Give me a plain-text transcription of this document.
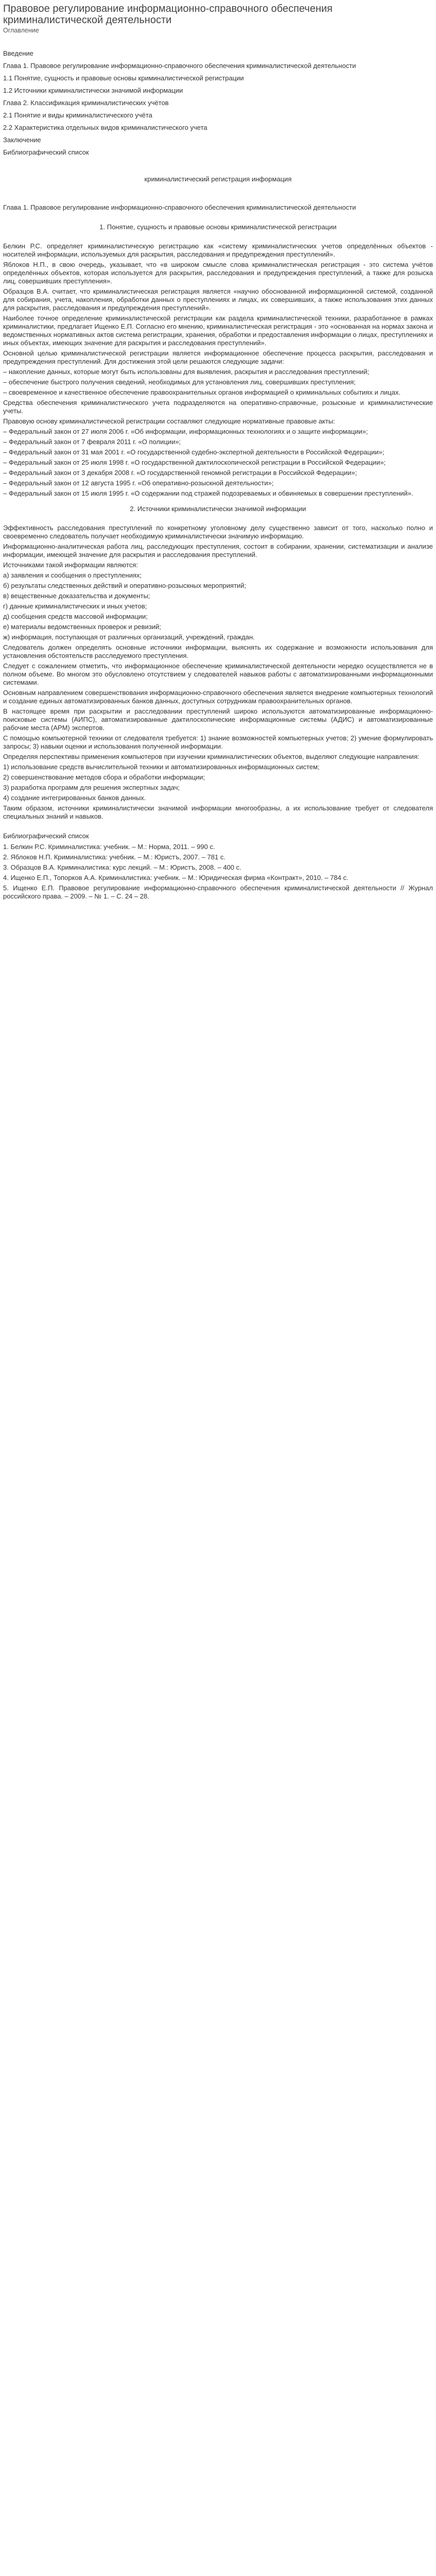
Правовое регулирование информационно-справочного обеспечения криминалистической деятельности
Оглавление
Введение
Глава 1. Правовое регулирование информационно-справочного обеспечения криминалистической деятельности
1.1 Понятие, сущность и правовые основы криминалистической регистрации
1.2 Источники криминалистически значимой информации
Глава 2. Классификация криминалистических учётов
2.1 Понятие и виды криминалистического учёта
2.2 Характеристика отдельных видов криминалистического учета
Заключение
Библиографический список
криминалистический регистрация информация
Глава 1. Правовое регулирование информационно-справочного обеспечения криминалистической деятельности
1. Понятие, сущность и правовые основы криминалистической регистрации

Белкин Р.С. определяет криминалистическую регистрацию как «систему криминалистических учетов определённых объектов - носителей информации, используемых для раскрытия, расследования и предупреждения преступлений».

Яблоков Н.П., в свою очередь, указывает, что «в широком смысле слова криминалистическая регистрация - это система учётов определённых объектов, которая используется для раскрытия, расследования и предупреждения преступлений, а также для розыска лиц, совершивших преступления».

Образцов В.А. считает, что криминалистическая регистрация является «научно обоснованной информационной системой, созданной для собирания, учета, накопления, обработки данных о преступлениях и лицах, их совершивших, а также использования этих данных для раскрытия, расследования и предупреждения преступлений».

Наиболее точное определение криминалистической регистрации как раздела криминалистической техники, разработанное в рамках криминалистики, предлагает Ищенко Е.П. Согласно его мнению, криминалистическая регистрация - это «основанная на нормах закона и ведомственных нормативных актов система регистрации, хранения, обработки и предоставления информации о лицах, преступлениях и иных объектах, имеющих значение для раскрытия и расследования преступлений».

Основной целью криминалистической регистрации является информационное обеспечение процесса раскрытия, расследования и предупреждения преступлений. Для достижения этой цели решаются следующие задачи:

– накопление данных, которые могут быть использованы для выявления, раскрытия и расследования преступлений;

– обеспечение быстрого получения сведений, необходимых для установления лиц, совершивших преступления;

– своевременное и качественное обеспечение правоохранительных органов информацией о криминальных событиях и лицах.

Средства обеспечения криминалистического учета подразделяются на оперативно-справочные, розыскные и криминалистические учеты.

Правовую основу криминалистической регистрации составляют следующие нормативные правовые акты:

– Федеральный закон от 27 июля 2006 г. «Об информации, информационных технологиях и о защите информации»;

– Федеральный закон от 7 февраля 2011 г. «О полиции»;

– Федеральный закон от 31 мая 2001 г. «О государственной судебно-экспертной деятельности в Российской Федерации»;

– Федеральный закон от 25 июля 1998 г. «О государственной дактилоскопической регистрации в Российской Федерации»;

– Федеральный закон от 3 декабря 2008 г. «О государственной геномной регистрации в Российской Федерации»;

– Федеральный закон от 12 августа 1995 г. «Об оперативно-розыскной деятельности»;

– Федеральный закон от 15 июля 1995 г. «О содержании под стражей подозреваемых и обвиняемых в совершении преступлений».

2. Источники криминалистически значимой информации

Эффективность расследования преступлений по конкретному уголовному делу существенно зависит от того, насколько полно и своевременно следователь получает необходимую криминалистически значимую информацию.

Информационно-аналитическая работа лиц, расследующих преступления, состоит в собирании, хранении, систематизации и анализе информации, имеющей значение для раскрытия и расследования преступлений.

Источниками такой информации являются:

а) заявления и сообщения о преступлениях;

б) результаты следственных действий и оперативно-розыскных мероприятий;

в) вещественные доказательства и документы;

г) данные криминалистических и иных учетов;

д) сообщения средств массовой информации;

е) материалы ведомственных проверок и ревизий;

ж) информация, поступающая от различных организаций, учреждений, граждан.

Следователь должен определять основные источники информации, выяснять их содержание и возможности использования для установления обстоятельств расследуемого преступления.

Следует с сожалением отметить, что информационное обеспечение криминалистической деятельности нередко осуществляется не в полном объеме. Во многом это обусловлено отсутствием у следователей навыков работы с автоматизированными информационными системами.

Основным направлением совершенствования информационно-справочного обеспечения является внедрение компьютерных технологий и создание единых автоматизированных банков данных, доступных сотрудникам правоохранительных органов.

В настоящее время при раскрытии и расследовании преступлений широко используются автоматизированные информационно-поисковые системы (АИПС), автоматизированные дактилоскопические информационные системы (АДИС) и автоматизированные рабочие места (АРМ) экспертов.

С помощью компьютерной техники от следователя требуется: 1) знание возможностей компьютерных учетов; 2) умение формулировать запросы; 3) навыки оценки и использования полученной информации.

Определяя перспективы применения компьютеров при изучении криминалистических объектов, выделяют следующие направления:

1) использование средств вычислительной техники и автоматизированных информационных систем;

2) совершенствование методов сбора и обработки информации;

3) разработка программ для решения экспертных задач;

4) создание интегрированных банков данных.

Таким образом, источники криминалистически значимой информации многообразны, а их использование требует от следователя специальных знаний и навыков.

Библиографический список

1. Белкин Р.С. Криминалистика: учебник. – М.: Норма, 2011. – 990 с.

2. Яблоков Н.П. Криминалистика: учебник. – М.: Юристъ, 2007. – 781 с.

3. Образцов В.А. Криминалистика: курс лекций. – М.: Юристъ, 2008. – 400 с.

4. Ищенко Е.П., Топорков А.А. Криминалистика: учебник. – М.: Юридическая фирма «Контракт», 2010. – 784 с.

5. Ищенко Е.П. Правовое регулирование информационно-справочного обеспечения криминалистической деятельности // Журнал российского права. – 2009. – № 1. – С. 24 – 28.
